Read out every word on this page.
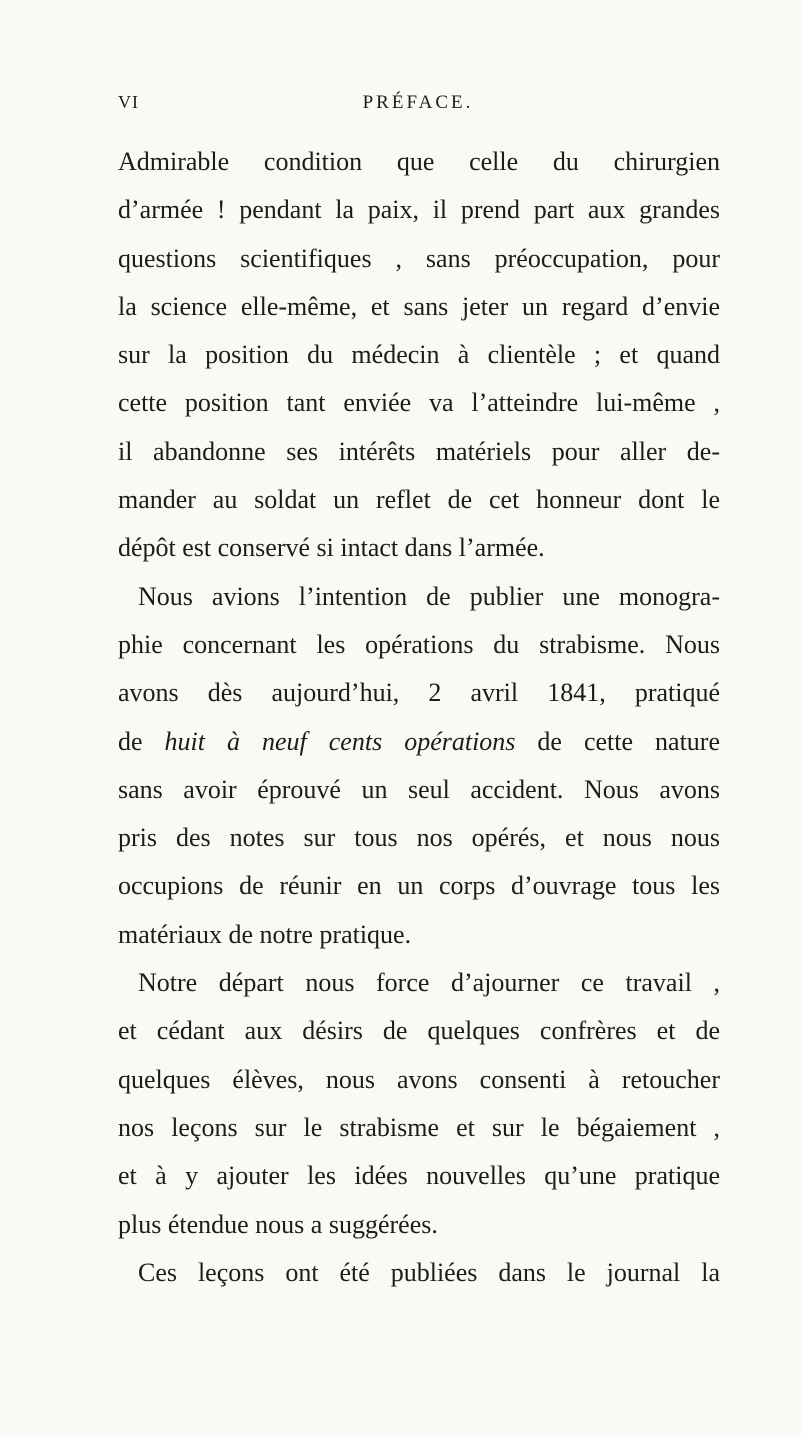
VI	PRÉFACE.
Admirable condition que celle du chirurgien
d’armée ! pendant la paix, il prend part aux grandes
questions scientifiques , sans préoccupation, pour
la science elle-même, et sans jeter un regard d’envie
sur la position du médecin à clientèle ; et quand
cette position tant enviée va l’atteindre lui-même ,
il abandonne ses intérêts matériels pour aller de-
mander au soldat un reflet de cet honneur dont le
dépôt est conservé si intact dans l’armée.
Nous avions l’intention de publier une monogra-
phie concernant les opérations du strabisme. Nous
avons dès aujourd’hui, 2 avril 1841, pratiqué
de huit à neuf cents opérations de cette nature
sans avoir éprouvé un seul accident. Nous avons
pris des notes sur tous nos opérés, et nous nous
occupions de réunir en un corps d’ouvrage tous les
matériaux de notre pratique.
Notre départ nous force d’ajourner ce travail ,
et cédant aux désirs de quelques confrères et de
quelques élèves, nous avons consenti à retoucher
nos leçons sur le strabisme et sur le bégaiement ,
et à y ajouter les idées nouvelles qu’une pratique
plus étendue nous a suggérées.
Ces leçons ont été publiées dans le journal la
